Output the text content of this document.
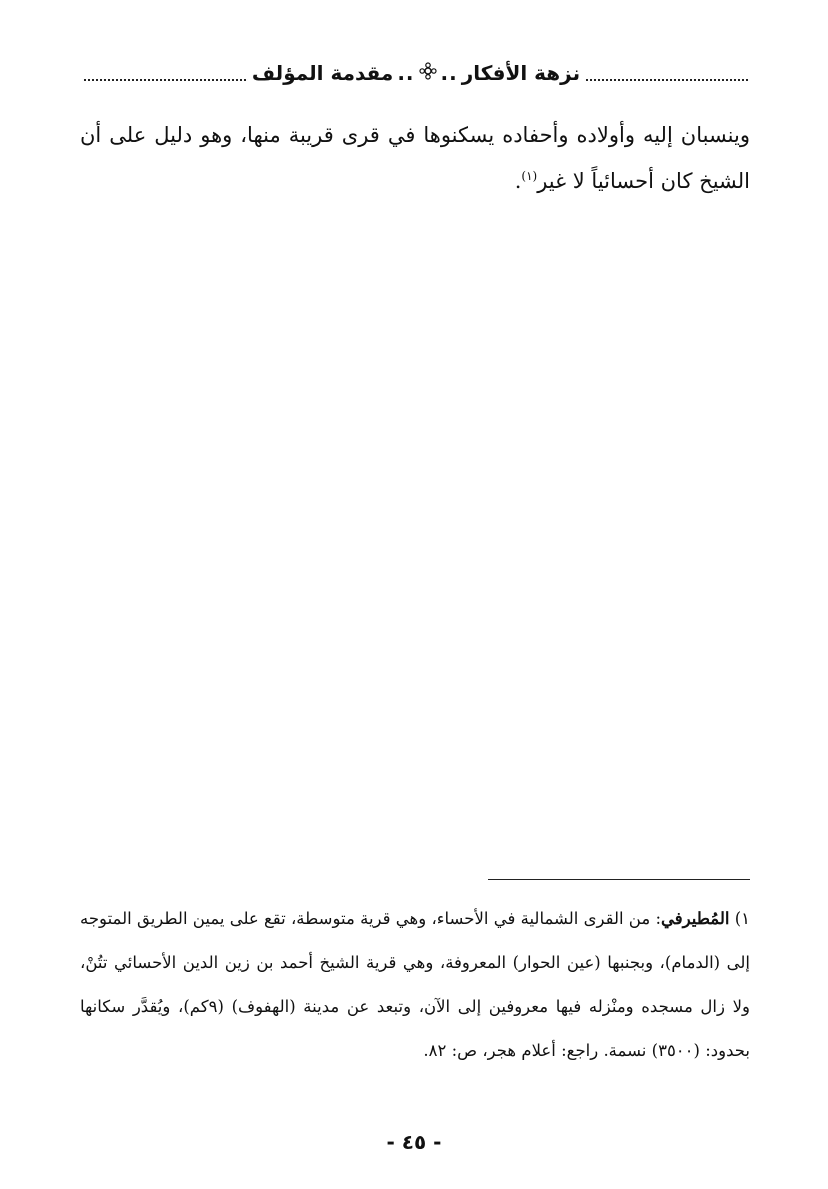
نزهة الأفكار
..
..
مقدمة المؤلف

وينسبان إليه وأولاده وأحفاده يسكنوها في قرى قريبة منها، وهو دليل على أن الشيخ كان أحسائياً لا غير$^{(١)}$.

١) المُطيرفي: من القرى الشمالية في الأحساء، وهي قرية متوسطة، تقع على يمين الطريق المتوجه إلى (الدمام)، وبجنبها (عين الحوار) المعروفة، وهي قرية الشيخ أحمد بن زين الدين الأحسائي تتُنْ، ولا زال مسجده ومنْزله فيها معروفين إلى الآن، وتبعد عن مدينة (الهفوف) (٩كم)، ويُقدَّر سكانها بحدود: (٣٥٠٠) نسمة. راجع: أعلام هجر، ص: ٨٢.

- ٤٥ -
